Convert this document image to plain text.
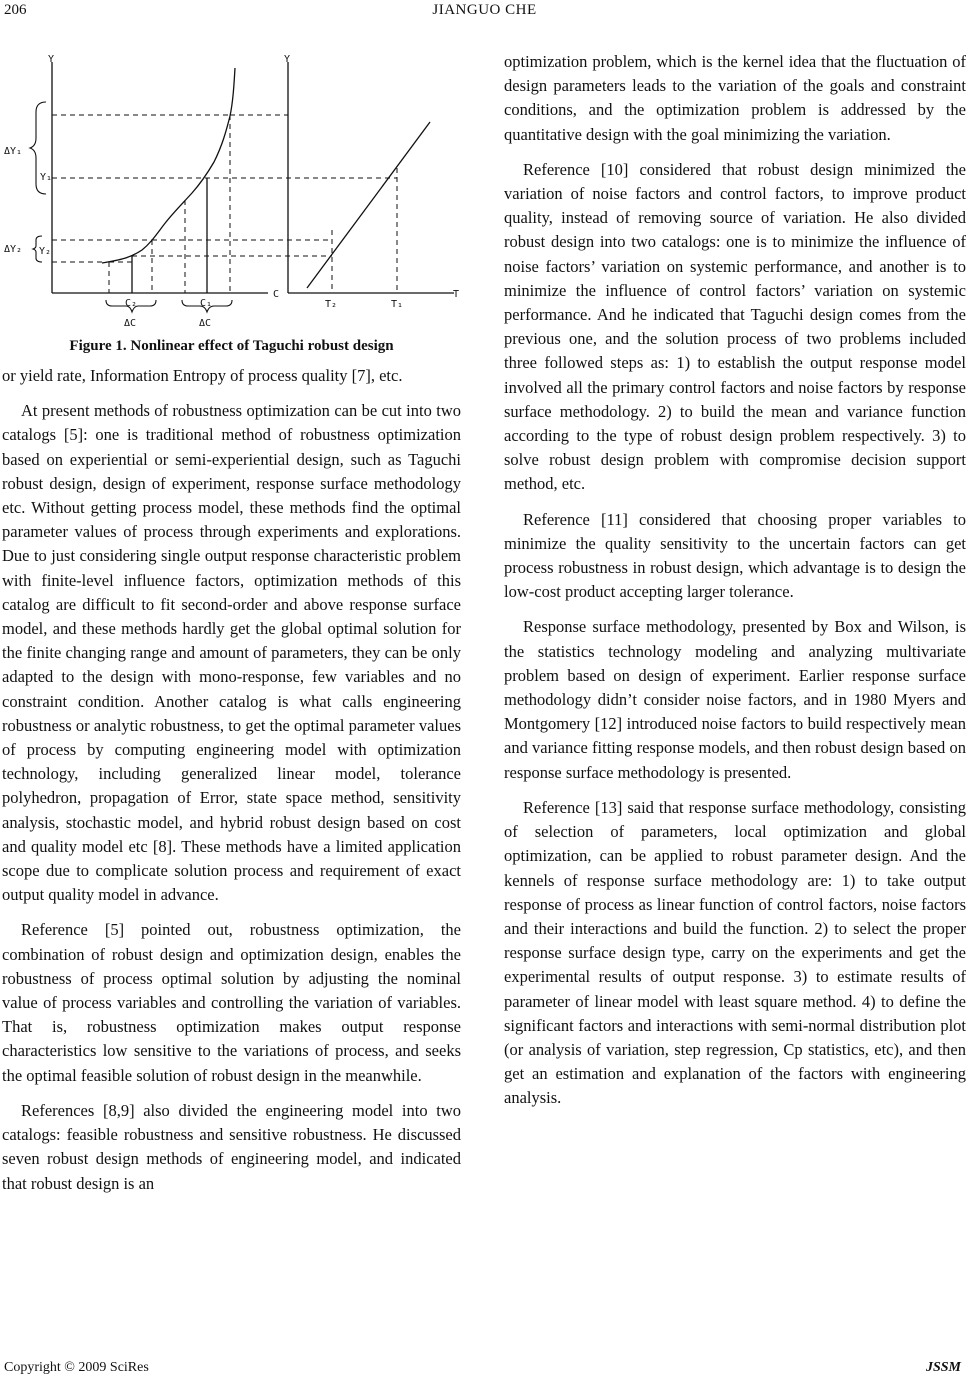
206	JIANGUO CHE
Y	Y
C	T
ΔY₁
Y₁
ΔY₂ Y₂
C₂	C₁
ΔC	ΔC
T₂	T₁
Figure 1. Nonlinear effect of Taguchi robust design

or yield rate, Information Entropy of process quality [7], etc.

At present methods of robustness optimization can be cut into two catalogs [5]: one is traditional method of robustness optimization based on experiential or semi-experiential design, such as Taguchi robust design, design of experiment, response surface methodology etc. Without getting process model, these methods find the optimal parameter values of process through experiments and explorations. Due to just considering single output response characteristic problem with finite-level influence factors, optimization methods of this catalog are difficult to fit second-order and above response surface model, and these methods hardly get the global optimal solution for the finite changing range and amount of parameters, they can be only adapted to the design with mono-response, few variables and no constraint condition. Another catalog is what calls engineering robustness or analytic robustness, to get the optimal parameter values of process by computing engineering model with optimization technology, including generalized linear model, tolerance polyhedron, propagation of Error, state space method, sensitivity analysis, stochastic model, and hybrid robust design based on cost and quality model etc [8]. These methods have a limited application scope due to complicate solution process and requirement of exact output quality model in advance.

Reference [5] pointed out, robustness optimization, the combination of robust design and optimization design, enables the robustness of process optimal solution by adjusting the nominal value of process variables and controlling the variation of variables. That is, robustness optimization makes output response characteristics low sensitive to the variations of process, and seeks the optimal feasible solution of robust design in the meanwhile.

References [8,9] also divided the engineering model into two catalogs: feasible robustness and sensitive robustness. He discussed seven robust design methods of engineering model, and indicated that robust design is an

optimization problem, which is the kernel idea that the fluctuation of design parameters leads to the variation of the goals and constraint conditions, and the optimization problem is addressed by the quantitative design with the goal minimizing the variation.

Reference [10] considered that robust design minimized the variation of noise factors and control factors, to improve product quality, instead of removing source of variation. He also divided robust design into two catalogs: one is to minimize the influence of noise factors’ variation on systemic performance, and another is to minimize the influence of control factors’ variation on systemic performance. And he indicated that Taguchi design comes from the previous one, and the solution process of two problems included three followed steps as: 1) to establish the output response model involved all the primary control factors and noise factors by response surface methodology. 2) to build the mean and variance function according to the type of robust design problem respectively. 3) to solve robust design problem with compromise decision support method, etc.

Reference [11] considered that choosing proper variables to minimize the quality sensitivity to the uncertain factors can get process robustness in robust design, which advantage is to design the low-cost product accepting larger tolerance.

Response surface methodology, presented by Box and Wilson, is the statistics technology modeling and analyzing multivariate problem based on design of experiment. Earlier response surface methodology didn’t consider noise factors, and in 1980 Myers and Montgomery [12] introduced noise factors to build respectively mean and variance fitting response models, and then robust design based on response surface methodology is presented.

Reference [13] said that response surface methodology, consisting of selection of parameters, local optimization and global optimization, can be applied to robust parameter design. And the kennels of response surface methodology are: 1) to take output response of process as linear function of control factors, noise factors and their interactions and build the function. 2) to select the proper response surface design type, carry on the experiments and get the experimental results of output response. 3) to estimate results of parameter of linear model with least square method. 4) to define the significant factors and interactions with semi-normal distribution plot (or analysis of variation, step regression, Cp statistics, etc), and then get an estimation and explanation of the factors with engineering analysis.

Copyright © 2009 SciRes	JSSM
